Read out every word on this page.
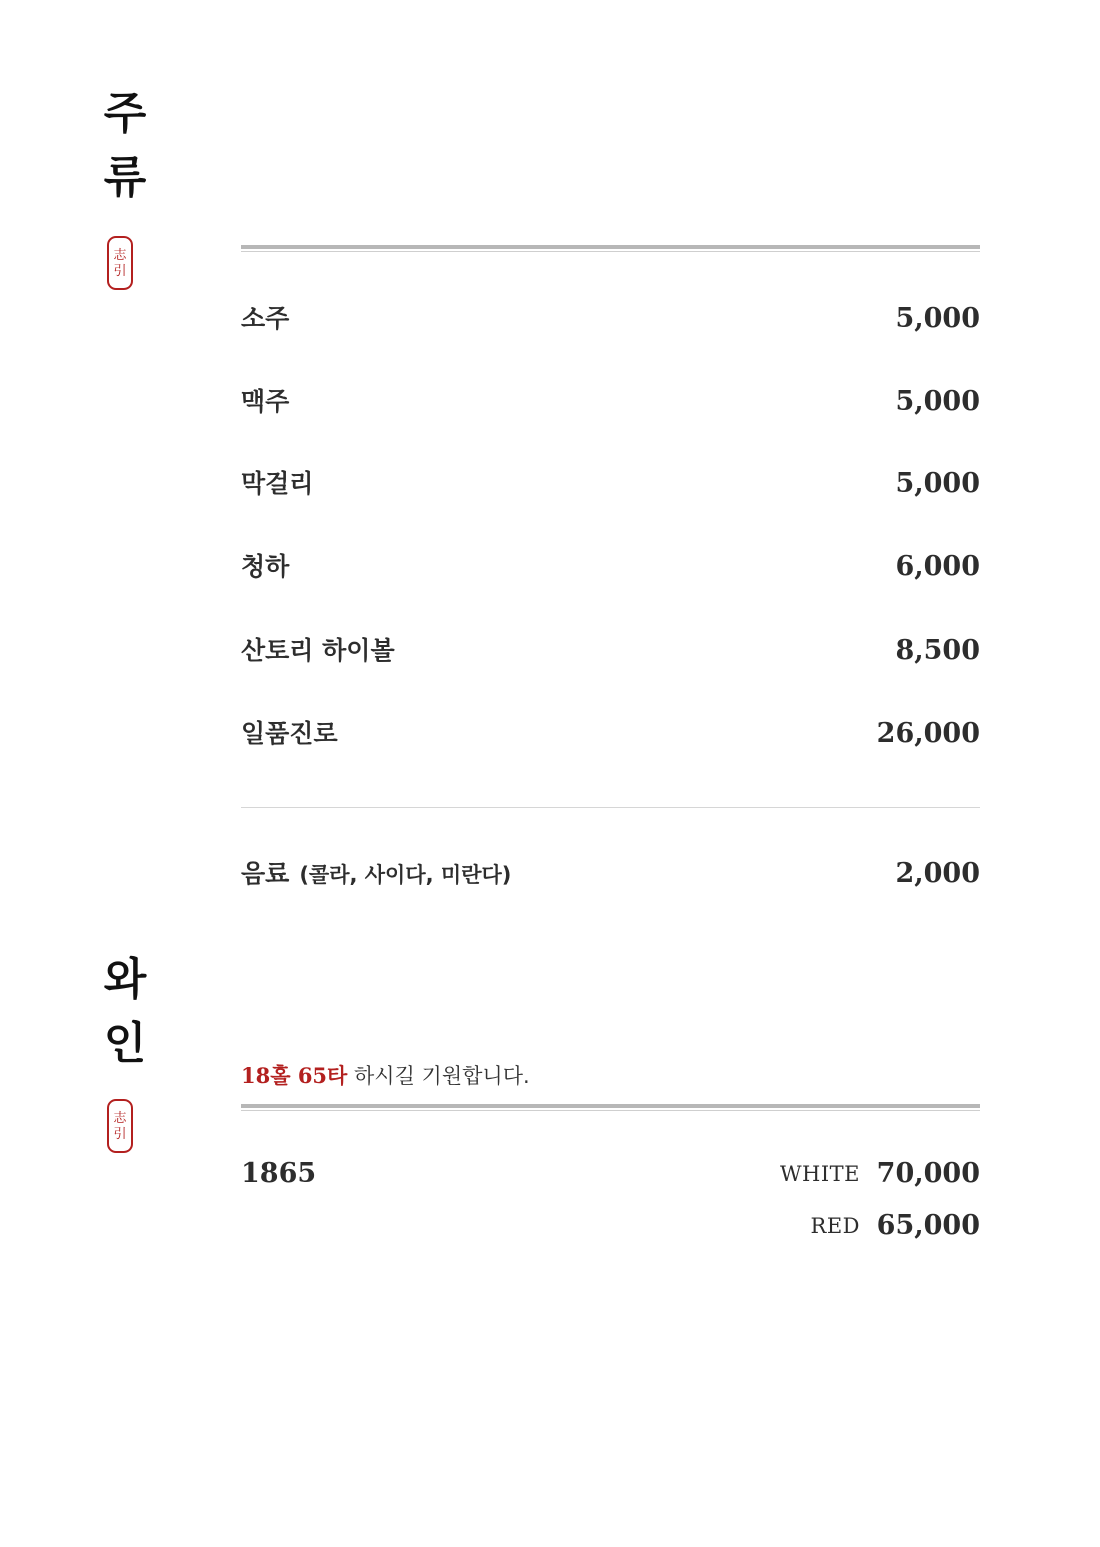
주
류
志
引
소주	5,000
맥주	5,000
막걸리	5,000
청하	6,000
산토리 하이볼	8,500
일품진로	26,000
음료 (콜라, 사이다, 미란다)	2,000
와
인
志
引
18홀 65타 하시길 기원합니다.
1865	WHITE 70,000
RED 65,000
